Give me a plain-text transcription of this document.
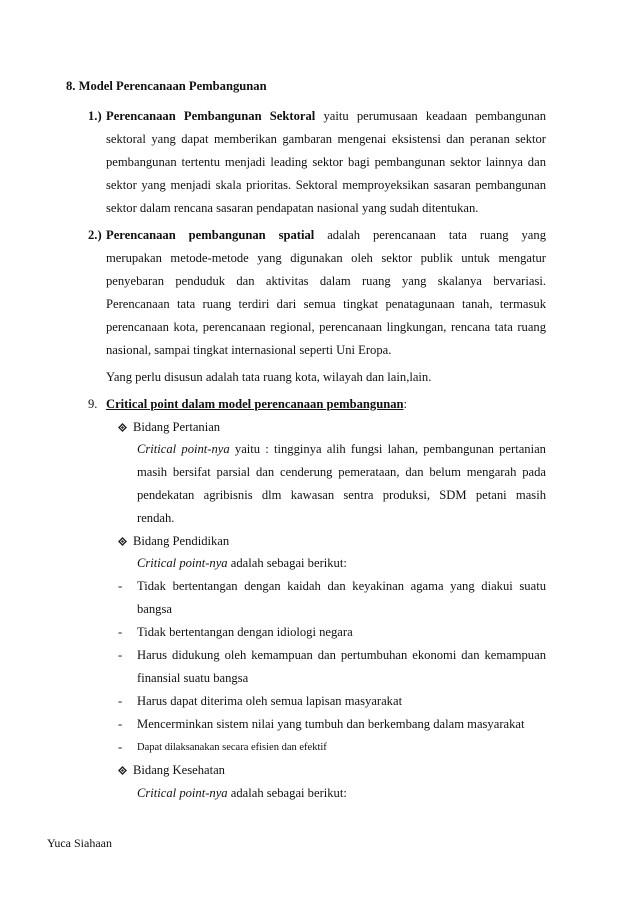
8. Model Perencanaan Pembangunan
1.) Perencanaan Pembangunan Sektoral yaitu perumusaan keadaan pembangunan
sektoral yang dapat memberikan gambaran mengenai eksistensi dan peranan sektor
pembangunan tertentu menjadi leading sektor bagi pembangunan sektor lainnya dan
sektor yang menjadi skala prioritas. Sektoral memproyeksikan sasaran pembangunan
sektor dalam rencana sasaran pendapatan nasional yang sudah ditentukan.
2.) Perencanaan pembangunan spatial adalah perencanaan tata ruang yang
merupakan metode-metode yang digunakan oleh sektor publik untuk mengatur
penyebaran penduduk dan aktivitas dalam ruang yang skalanya bervariasi.
Perencanaan tata ruang terdiri dari semua tingkat penatagunaan tanah, termasuk
perencanaan kota, perencanaan regional, perencanaan lingkungan, rencana tata ruang
nasional, sampai tingkat internasional seperti Uni Eropa.
Yang perlu disusun adalah tata ruang kota, wilayah dan lain,lain.
9. Critical point dalam model perencanaan pembangunan:
Bidang Pertanian
Critical point-nya yaitu : tingginya alih fungsi lahan, pembangunan pertanian
masih bersifat parsial dan cenderung pemerataan, dan belum mengarah pada
pendekatan agribisnis dlm kawasan sentra produksi, SDM petani masih
rendah.
Bidang Pendidikan
Critical point-nya adalah sebagai berikut:
- Tidak bertentangan dengan kaidah dan keyakinan agama yang diakui suatu
bangsa
- Tidak bertentangan dengan idiologi negara
- Harus didukung oleh kemampuan dan pertumbuhan ekonomi dan kemampuan
finansial suatu bangsa
- Harus dapat diterima oleh semua lapisan masyarakat
- Mencerminkan sistem nilai yang tumbuh dan berkembang dalam masyarakat
- Dapat dilaksanakan secara efisien dan efektif
Bidang Kesehatan
Critical point-nya adalah sebagai berikut:
Yuca Siahaan
